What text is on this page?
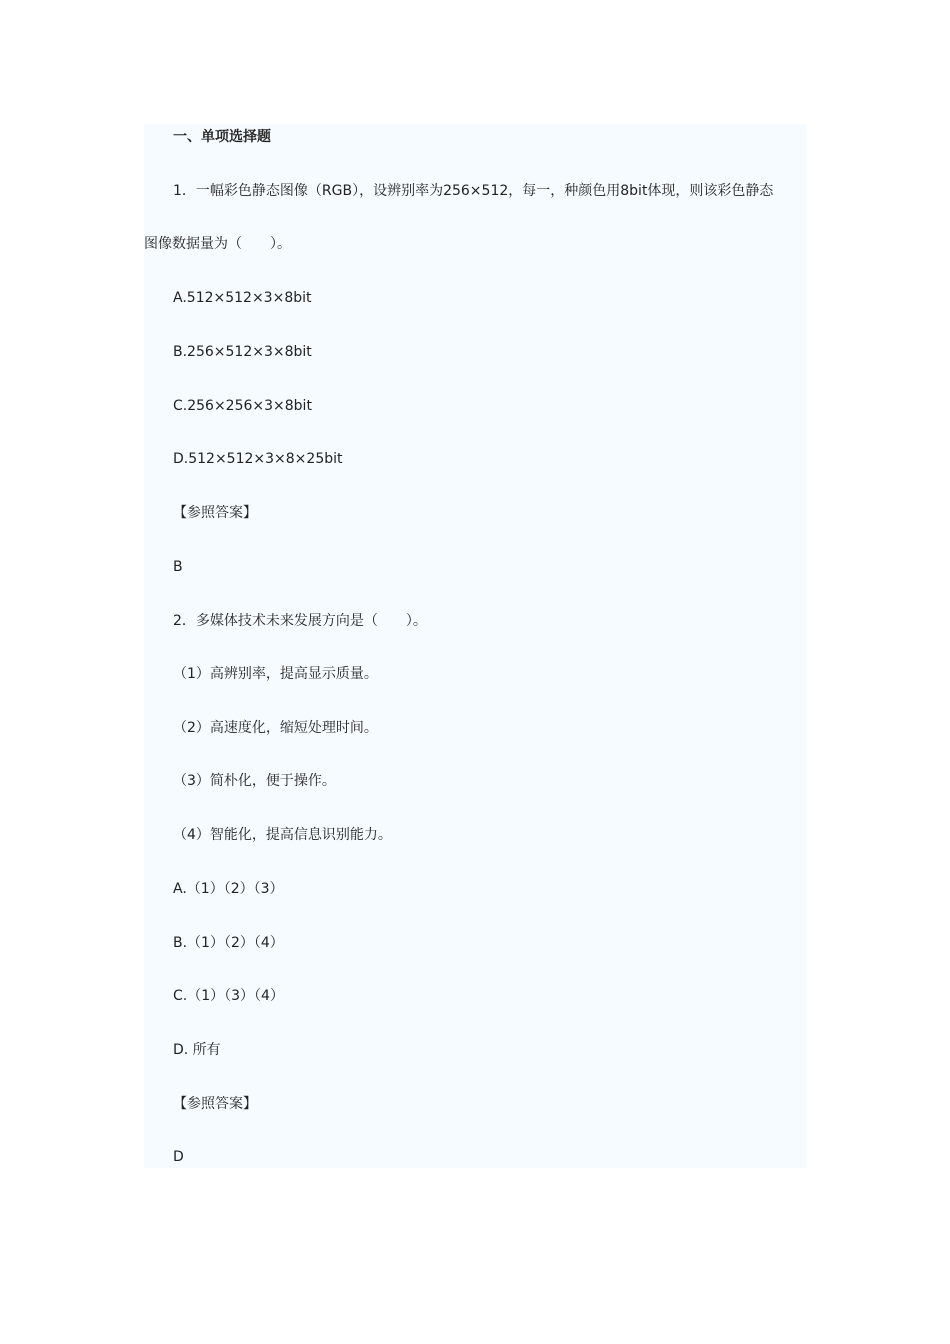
一、单项选择题
1．一幅彩色静态图像（RGB），设辨别率为256×512，每一，种颜色用8bit体现，则该彩色静态
图像数据量为（　　）。
A.512×512×3×8bit
B.256×512×3×8bit
C.256×256×3×8bit
D.512×512×3×8×25bit
【参照答案】
B
2．多媒体技术未来发展方向是（　　）。
（1）高辨别率，提高显示质量。
（2）高速度化，缩短处理时间。
（3）简朴化，便于操作。
（4）智能化，提高信息识别能力。
A.（1）（2）（3）
B.（1）（2）（4）
C.（1）（3）（4）
D. 所有
【参照答案】
D
